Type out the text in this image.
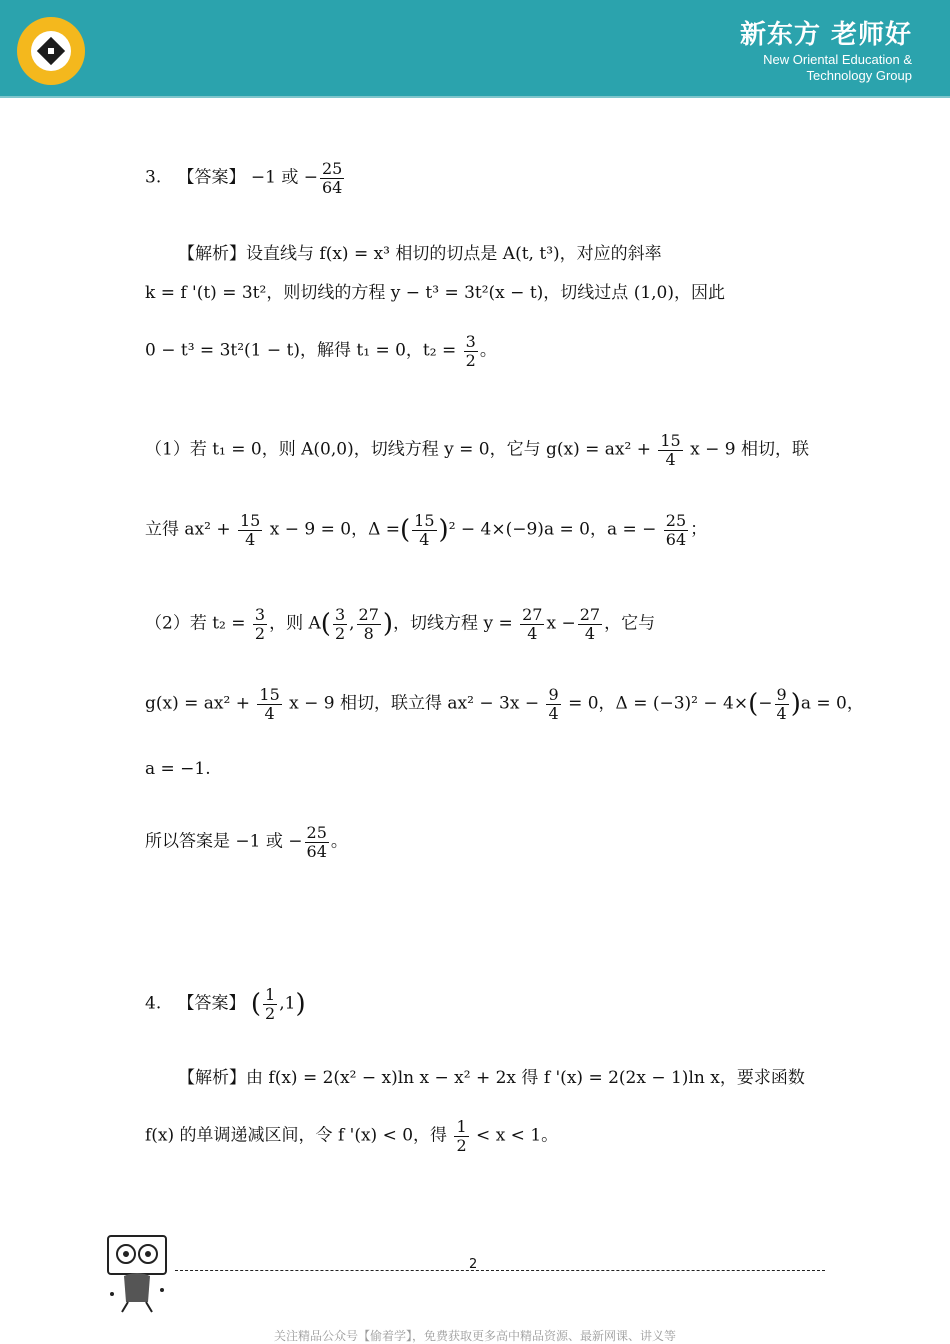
新东方 老师好
New Oriental Education &
Technology Group
3. 【答案】 −1 或 − $\frac{25}{64}$
【解析】设直线与 f(x) = x³ 相切的切点是 A(t, t³)，对应的斜率
k = f '(t) = 3t²，则切线的方程 y − t³ = 3t²(x − t)，切线过点 (1,0)，因此
0 − t³ = 3t²(1 − t)，解得 t₁ = 0，$t_2 = \frac{3}{2}$ 。
（1）若 t₁ = 0，则 A(0,0)，切线方程 y = 0，它与 $g(x) = ax^2 + \frac{15}{4}$ x − 9 相切，联
立得 $ax^2 + \frac{15}{4}$ x − 9 = 0，Δ =( $\frac{15}{4} )^2 - 4\times(-9)a = 0$，a = − $\frac{25}{64}$ ；
（2）若 $t_2 = \frac{3}{2}$ ，则 $A( \frac{3}{2}$ , $\frac{27}{8}$ )，切线方程 $y = \frac{27}{4}$ $x - \frac{27}{4}$ ，它与
$g(x) = ax^2 + \frac{15}{4}$ x − 9 相切，联立得 $ax^2 - 3x - \frac{9}{4} = 0$，$\Delta = (-3)^2 - 4\times(- \frac{9}{4} )a = 0$，
a = −1.
所以答案是 −1 或 − $\frac{25}{64}$ 。
4. 【答案】 ( $\frac{1}{2} ,1$)
【解析】由 f(x) = 2(x² − x)ln x − x² + 2x 得 f '(x) = 2(2x − 1)ln x，要求函数
f(x) 的单调递减区间，令 f '(x) < 0，得 $\frac{1}{2} < x < 1$。
2
关注精品公众号【偷着学】，免费获取更多高中精品资源、最新网课、讲义等
